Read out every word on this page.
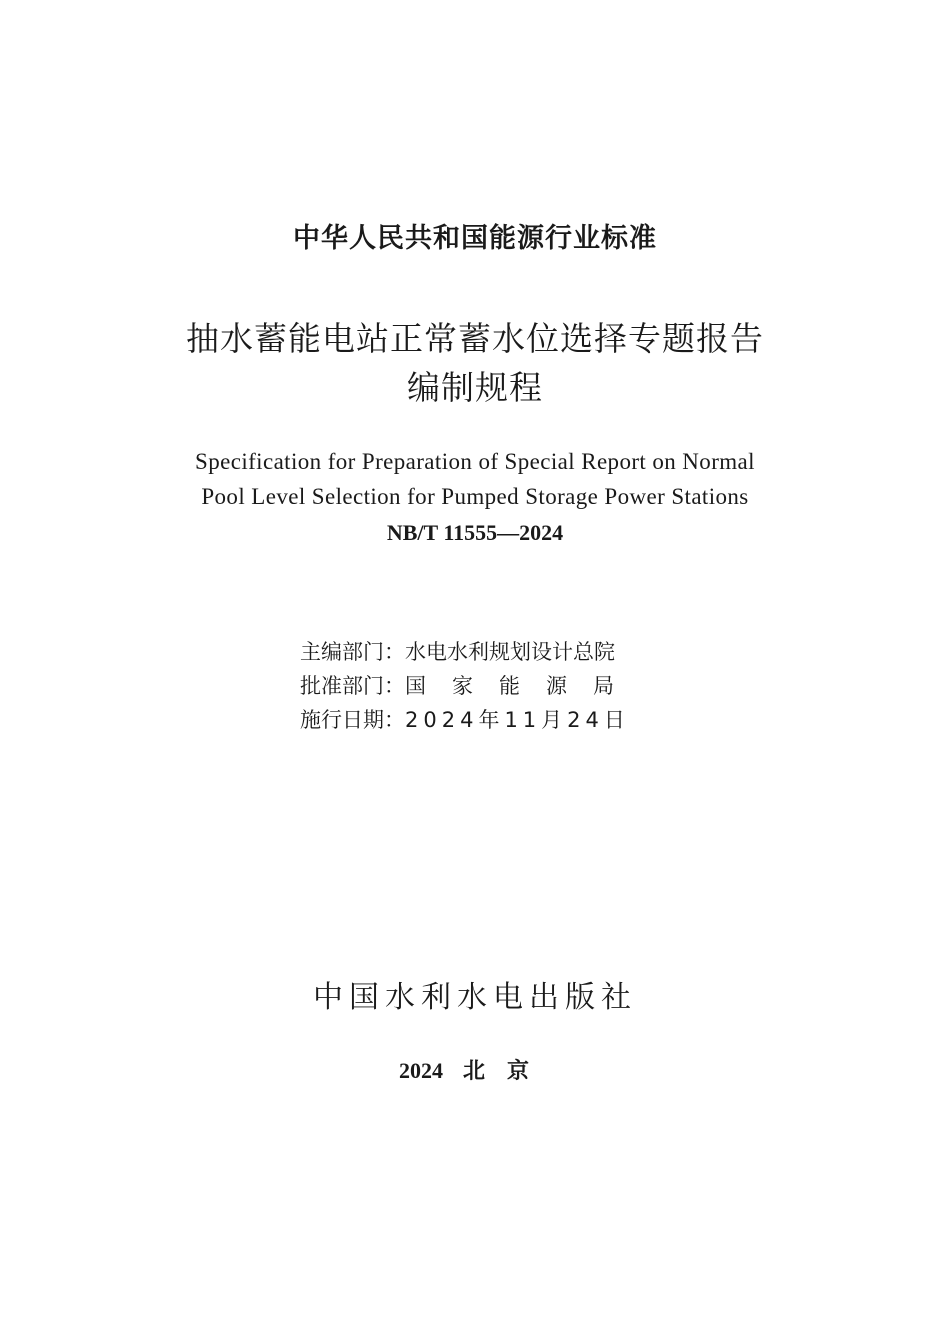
中华人民共和国能源行业标准
抽水蓄能电站正常蓄水位选择专题报告
编制规程
Specification for Preparation of Special Report on Normal
Pool Level Selection for Pumped Storage Power Stations
NB/T 11555—2024
主编部门： 水电水利规划设计总院
批准部门： 国家能源局
施行日期： 2024年11月24日
中国水利水电出版社
2024 北京
